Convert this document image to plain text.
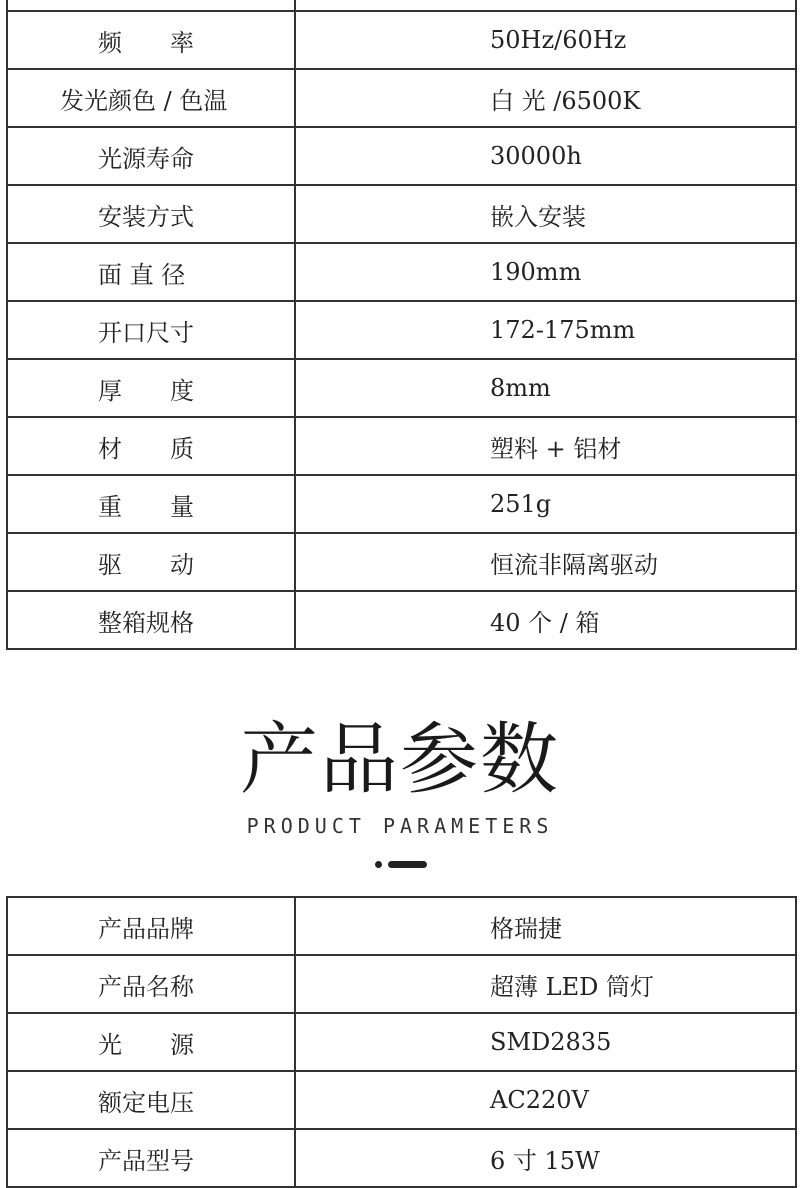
频　　率	50Hz/60Hz
发光颜色 / 色温	白 光 /6500K
光源寿命	30000h
安装方式	嵌入安装
面 直 径	190mm
开口尺寸	172-175mm
厚　　度	8mm
材　　质	塑料 + 铝材
重　　量	251g
驱　　动	恒流非隔离驱动
整箱规格	40 个 / 箱
产品参数
PRODUCT PARAMETERS
产品品牌	格瑞捷
产品名称	超薄 LED 筒灯
光　　源	SMD2835
额定电压	AC220V
产品型号	6 寸 15W
